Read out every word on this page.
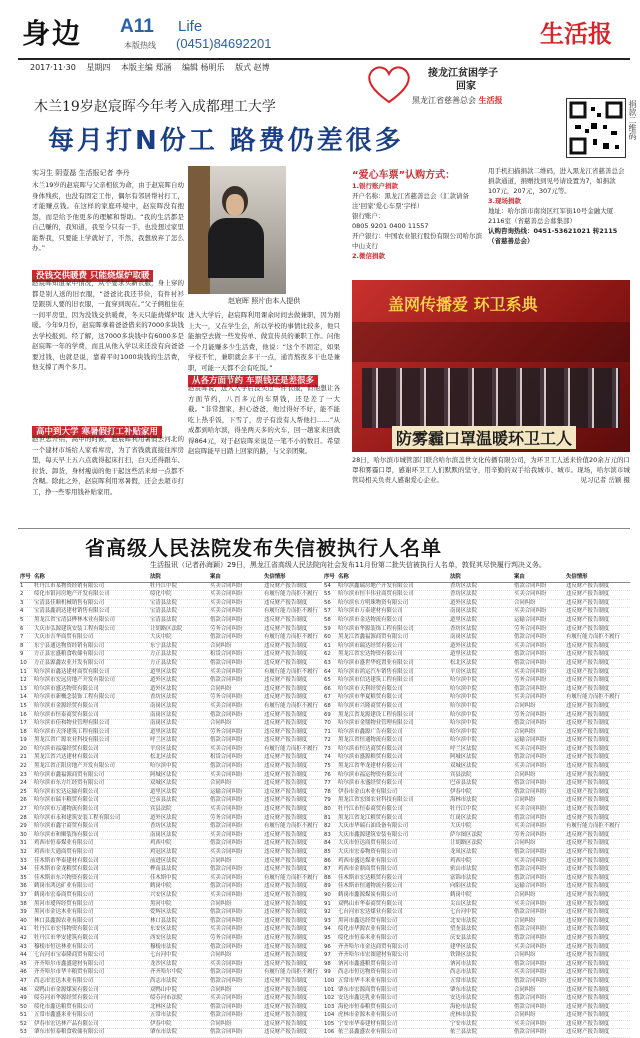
身边 A11 Life
本版热线 (0451)84692201	生活报
2017·11·30 星期四 本版主编 郑涵 编辑 杨明乐 版式 赵博
接龙江贫困学子
回家
黑龙江省慈善总会 生活报
木兰19岁赵宸晖今年考入成都理工大学
每月打N份工 路费仍差很多
捐款二维码
实习生 阴壹磊 生活报记者 李丹
木兰19岁的赵宸晖与父亲相依为命，由于赵宸晖自幼身体残疾，也没有固定工作，偶尔有邻居帮衬打工，才能赚点钱。在这样的家庭环境中，赵宸晖没有抱怨，而是给予他更多的理解和帮助。“我的生活都是自己赚的，我知道，我至今只有一手，也没想过家里能帮我，只要能上学就好了，不然，我想放弃了怎么办。”
没钱交供暖费 只能烧煤炉取暖
赵宸晖知道家中情况，从不要求买新衣服，身上穿的都是别人送的旧衣服，“爸爸比我还节俭，有件衬衫是跟别人要的旧衣服，一直穿到现在。”父子俩租住在一间平房里，因为没钱交供暖费，冬天只能烧煤炉取暖。今年9月份，赵宸晖拿着爸爸借来的7000多块钱去学校报到。经了解，这7000多块钱中有6000多是赵宸晖一年的学费，而且从他入学以来还没有向爸爸要过钱，也就是说，靠着平时1000块钱的生活费，他支撑了两个多月。
高中到大学 寒暑假打工补贴家用
赵世忠介绍，高中的时候，赵宸晖利用暑假去河北的一个建材市场给人家看库房，为了省钱就直接住库房里，每天早上五六点就得起床打扫，白天还得跟车、拉货、卸货，身材瘦弱的他干起这些活来却一点都不含糊。除此之外，赵宸晖利用寒暑假，还会去超市打工，挣一些零用钱补贴家用。
赵宸晖 照片由本人提供
进入大学后，赵宸晖利用课余时间去做兼职，因为刚上大一，又在学生会，所以学校的事情比较多，他只能抽空去做一些发传单、做宣传员的兼职工作。问他一个月能赚多少生活费，他说：“这个不固定，如果学校不忙，兼职就会多干一点，通宵熬夜多干也是兼职，可能一天都不会有吃饭。”
从各方面节约 车票钱还是差很多
赵宸晖说，进入大学后没买过一件衣服，但他想让各方面节约，八百多元的车票钱，还是差了一大截。“非常想家，担心爸爸，他过得好不好，能不能吃上热乎饭，下雪了，房子有没有人帮他扫……”从成都到哈尔滨，得坐两天多的火车，回一趟家来回就得864元，对于赵宸晖来说是一笔不小的数目。希望赵宸晖能早日踏上回家的路，与父亲团聚。
“爱心车票”认购方式：
1.银行账户捐款
开户名称：黑龙江省慈善总会（汇款请备注‘回家’爱心车票‘字样）
银行账户：
0805 9201 0400 11557
开户银行：中国农业银行股份有限公司哈尔滨中山支行
2.微信捐款
用手机扫描捐款二维码，进入黑龙江省慈善总会捐款通道，捐赠找到见号请设置为7，如捐款107元，207元，307元等。
3.现场捐款
地址：哈尔滨市南岗区红军街10号金融大厦2116室（省慈善总会募集部）
认购咨询热线：0451-53621021 转2115（省慈善总会）
盖网传播爱 环卫系典
防雾霾口罩温暖环卫工人
28日，哈尔滨市城管部门联合哈尔滨盖世文化传播有限公司，为环卫工人送来价值20余万元的口罩和雾霾口罩，感谢环卫工人们默默的坚守，用辛勤的双手给我城市、城市。现场，哈尔滨市城管局相关负责人感谢爱心企业。	见习记者 岳颖 摄
省高级人民法院发布失信被执行人名单
生活报讯（记者孙海颖）29日，黑龙江省高级人民法院向社会发布11月份第二批失信被执行人名单，敦促其尽快履行判决义务。
序号 名称	法院	案由	失信情形
1 牡丹江市某物资经销有限公司	牡丹江中院	买卖合同纠纷	违反财产报告制度
2 绥化市银河房地产开发有限公司	绥化中院	买卖合同纠纷	有履行能力而拒不履行
3 宝清县佳顺机械销售有限公司	宝清县法院	买卖合同纠纷	违反财产报告制度
4 宝清县鑫润达建材销售有限公司	宝清县法院	买卖合同纠纷	有履行能力而拒不履行
5 黑龙江省宝清县桦林木业有限公司	宝清县法院	借款合同纠纷	违反财产报告制度
6 大庆市弘源建筑安装工程有限公司	让胡路区法院	劳务合同纠纷	违反财产报告制度
7 大庆市吉华商贸有限公司	大庆中院	借款合同纠纷	有履行能力而拒不履行
8 东宁县通达物资经销有限公司	东宁县法院	合同纠纷	违反财产报告制度
9 方正县宏盛粮食收储有限公司	方正县法院	租赁合同纠纷	违反财产报告制度
10 方正县源鑫农业开发有限公司	方正县法院	借款合同纠纷	违反财产报告制度
11 哈尔滨市鑫达建材商贸有限公司	道里区法院	买卖合同纠纷	有履行能力而拒不履行
12 哈尔滨市宏远房地产开发有限公司	道外区法院	借款合同纠纷	违反财产报告制度
13 哈尔滨市盛达物资有限公司	道外区法院	合同纠纷	违反财产报告制度
14 哈尔滨市新概念装饰工程有限公司	香坊区法院	劳务合同纠纷	违反财产报告制度
15 哈尔滨市金源经贸有限公司	南岗区法院	买卖合同纠纷	有履行能力而拒不履行
16 哈尔滨市恒泰商贸有限公司	南岗区法院	借款合同纠纷	违反财产报告制度
17 哈尔滨市佳和物业管理有限公司	南岗区法院	合同纠纷	违反财产报告制度
18 哈尔滨市天泽建筑工程有限公司	道里区法院	劳务合同纠纷	违反财产报告制度
19 黑龙江省广源农业科技有限公司	呼兰区法院	借款合同纠纷	违反财产报告制度
20 哈尔滨市福瑞经贸有限公司	平房区法院	买卖合同纠纷	有履行能力而拒不履行
21 黑龙江省兴达建材有限公司	松北区法院	租赁合同纠纷	违反财产报告制度
22 黑龙江省正阳房地产开发有限公司	哈尔滨中院	借款合同纠纷	违反财产报告制度
23 哈尔滨市鑫福源商贸有限公司	阿城区法院	买卖合同纠纷	违反财产报告制度
24 哈尔滨市东方红经贸有限公司	双城区法院	合同纠纷	违反财产报告制度
25 哈尔滨市宏达运输有限公司	道里区法院	运输合同纠纷	违反财产报告制度
26 哈尔滨市瑞丰粮贸有限公司	巴彦县法院	借款合同纠纷	违反财产报告制度
27 哈尔滨市万通物流有限公司	宾县法院	买卖合同纠纷	违反财产报告制度
28 哈尔滨市永和建筑安装工程有限公司	道外区法院	劳务合同纠纷	违反财产报告制度
29 哈尔滨市鑫宇商贸有限公司	香坊区法院	借款合同纠纷	有履行能力而拒不履行
30 哈尔滨市和顺装饰有限公司	南岗区法院	买卖合同纠纷	违反财产报告制度
31 鸡西市恒泰煤业有限公司	鸡西中院	借款合同纠纷	违反财产报告制度
32 鸡西市大通商贸有限公司	鸡冠区法院	买卖合同纠纷	违反财产报告制度
33 佳木斯市华泰建材有限公司	前进区法院	合同纠纷	违反财产报告制度
34 佳木斯市金龙粮贸有限公司	桦南县法院	借款合同纠纷	违反财产报告制度
35 佳木斯市东兴物资有限公司	佳木斯中院	买卖合同纠纷	有履行能力而拒不履行
36 鹤岗市鸿达矿业有限公司	鹤岗中院	借款合同纠纷	违反财产报告制度
37 鹤岗市宏泰商贸有限公司	兴安区法院	买卖合同纠纷	违反财产报告制度
38 黑河市瑷珲经贸有限公司	黑河中院	合同纠纷	违反财产报告制度
39 黑河市金达木业有限公司	爱辉区法院	借款合同纠纷	违反财产报告制度
40 林口县鑫源农业有限公司	林口县法院	借款合同纠纷	违反财产报告制度
41 牡丹江市宏伟物资有限公司	东安区法院	买卖合同纠纷	违反财产报告制度
42 牡丹江市华安建筑有限公司	西安区法院	劳务合同纠纷	违反财产报告制度
43 穆棱市恒达林业有限公司	穆棱市法院	借款合同纠纷	违反财产报告制度
44 七台河市宝泰隆商贸有限公司	七台河中院	合同纠纷	违反财产报告制度
45 齐齐哈尔市鑫盛建材有限公司	龙沙区法院	买卖合同纠纷	违反财产报告制度
46 齐齐哈尔市华丰粮贸有限公司	齐齐哈尔中院	借款合同纠纷	有履行能力而拒不履行
47 尚志市宏达木业有限公司	尚志市法院	借款合同纠纷	违反财产报告制度
48 双鸭山市金源煤炭有限公司	双鸭山中院	合同纠纷	违反财产报告制度
49 绥芬河市华源经贸有限公司	绥芬河市法院	买卖合同纠纷	违反财产报告制度
50 绥化市鑫达粮贸有限公司	北林区法院	借款合同纠纷	违反财产报告制度
51 五常市鑫盛米业有限公司	五常市法院	借款合同纠纷	违反财产报告制度
52 伊春市宏达林产品有限公司	伊春中院	合同纠纷	违反财产报告制度
53 肇东市恒泰粮食收储有限公司	肇东市法院	借款合同纠纷	违反财产报告制度
序号 名称	法院	案由	失信情形
54 哈尔滨鑫瑞房地产开发有限公司	香坊区法院	借款合同纠纷	违反财产报告制度
55 哈尔滨市恒丰伟业商贸有限公司	香坊区法院	买卖合同纠纷	违反财产报告制度
56 哈尔滨东方明珠物资有限公司	道外区法院	合同纠纷	违反财产报告制度
57 哈尔滨市万泰建材有限公司	南岗区法院	买卖合同纠纷	违反财产报告制度
58 哈尔滨市金达物流有限公司	道里区法院	运输合同纠纷	违反财产报告制度
59 哈尔滨市华源装饰工程有限公司	香坊区法院	劳务合同纠纷	违反财产报告制度
60 黑龙江省鑫福源商贸有限公司	南岗区法院	借款合同纠纷	有履行能力而拒不履行
61 哈尔滨市瑞达经贸有限公司	道外区法院	买卖合同纠纷	违反财产报告制度
62 黑龙江省宏达物资有限公司	道里区法院	借款合同纠纷	违反财产报告制度
63 哈尔滨市盛世华庭置业有限公司	松北区法院	借款合同纠纷	违反财产报告制度
64 哈尔滨市鸿运汽车销售有限公司	平房区法院	买卖合同纠纷	违反财产报告制度
65 哈尔滨市信达建筑工程有限公司	哈尔滨中院	劳务合同纠纷	违反财产报告制度
66 哈尔滨市天利经贸有限公司	哈尔滨中院	借款合同纠纷	违反财产报告制度
67 哈尔滨市华夏粮贸有限公司	哈尔滨中院	买卖合同纠纷	有履行能力而拒不履行
68 哈尔滨市兴隆商贸有限公司	哈尔滨中院	合同纠纷	违反财产报告制度
69 黑龙江省龙源建设工程有限公司	哈尔滨中院	劳务合同纠纷	违反财产报告制度
70 哈尔滨市金鼎物业管理有限公司	哈尔滨中院	借款合同纠纷	违反财产报告制度
71 哈尔滨市鑫源广告有限公司	哈尔滨中院	合同纠纷	违反财产报告制度
72 黑龙江省恒通物流有限公司	哈尔滨中院	运输合同纠纷	违反财产报告制度
73 哈尔滨市恒达商贸有限公司	呼兰区法院	买卖合同纠纷	违反财产报告制度
74 哈尔滨市盛源粮贸有限公司	阿城区法院	借款合同纠纷	违反财产报告制度
75 黑龙江省华龙建材有限公司	双城区法院	买卖合同纠纷	违反财产报告制度
76 哈尔滨市福运物资有限公司	宾县法院	合同纠纷	违反财产报告制度
77 哈尔滨市永盛经贸有限公司	巴彦县法院	借款合同纠纷	违反财产报告制度
78 伊春市金山木业有限公司	伊春中院	借款合同纠纷	违反财产报告制度
79 黑龙江省宏图农业科技有限公司	海林市法院	合同纠纷	违反财产报告制度
80 牡丹江市恒泰商贸有限公司	牡丹江中院	买卖合同纠纷	违反财产报告制度
81 黑龙江省龙江粮贸有限公司	红岗区法院	借款合同纠纷	违反财产报告制度
82 大庆市华瑞石油设备有限公司	大庆中院	买卖合同纠纷	有履行能力而拒不履行
83 大庆市鑫源建筑安装有限公司	萨尔图区法院	劳务合同纠纷	违反财产报告制度
84 大庆市恒达商贸有限公司	让胡路区法院	合同纠纷	违反财产报告制度
85 大庆市宏泰物资有限公司	龙凤区法院	借款合同纠纷	违反财产报告制度
86 鸡西市盛达煤业有限公司	鸡西中院	买卖合同纠纷	违反财产报告制度
87 鸡西市金鼎商贸有限公司	密山市法院	借款合同纠纷	违反财产报告制度
88 佳木斯市宏达粮贸有限公司	富锦市法院	借款合同纠纷	违反财产报告制度
89 佳木斯市恒通物流有限公司	向阳区法院	运输合同纠纷	违反财产报告制度
90 鹤岗市鑫源煤炭有限公司	鹤岗中院	合同纠纷	违反财产报告制度
91 双鸭山市华泰商贸有限公司	尖山区法院	买卖合同纠纷	违反财产报告制度
92 七台河市宏达煤业有限公司	七台河中院	借款合同纠纷	违反财产报告制度
93 黑河市鑫达经贸有限公司	北安市法院	合同纠纷	违反财产报告制度
94 绥化市华源农业有限公司	望奎县法院	借款合同纠纷	违反财产报告制度
95 绥化市恒泰米业有限公司	庆安县法院	借款合同纠纷	违反财产报告制度
96 齐齐哈尔市金达商贸有限公司	建华区法院	买卖合同纠纷	违反财产报告制度
97 齐齐哈尔市宏图建材有限公司	铁锋区法院	合同纠纷	违反财产报告制度
98 讷河市鑫盛粮贸有限公司	讷河市法院	借款合同纠纷	违反财产报告制度
99 尚志市恒达物资有限公司	尚志市法院	买卖合同纠纷	违反财产报告制度
100 五常市华丰米业有限公司	五常市法院	借款合同纠纷	违反财产报告制度
101 肇东市宏源商贸有限公司	肇东市法院	合同纠纷	违反财产报告制度
102 安达市鑫达乳业有限公司	安达市法院	借款合同纠纷	违反财产报告制度
103 海伦市恒泰粮贸有限公司	海伦市法院	借款合同纠纷	违反财产报告制度
104 虎林市金源木业有限公司	虎林市法院	合同纠纷	违反财产报告制度
105 宁安市华泰建材有限公司	宁安市法院	买卖合同纠纷	违反财产报告制度
106 依兰县鑫盛农业有限公司	依兰县法院	借款合同纠纷	违反财产报告制度
